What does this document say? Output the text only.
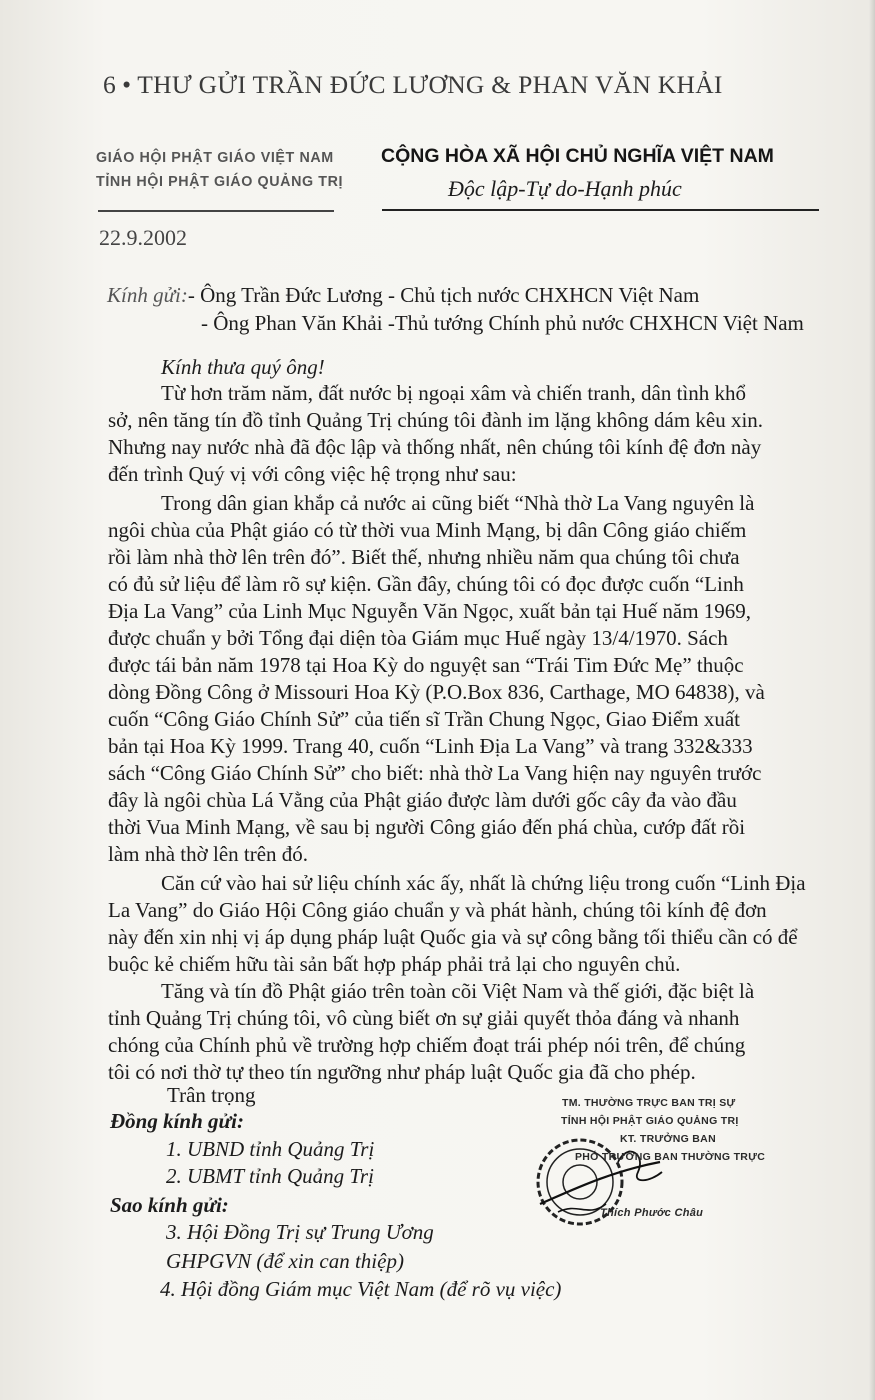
6 • THƯ GỬI TRẦN ĐỨC LƯƠNG & PHAN VĂN KHẢI
GIÁO HỘI PHẬT GIÁO VIỆT NAM
TỈNH HỘI PHẬT GIÁO QUẢNG TRỊ
CỘNG HÒA XÃ HỘI CHỦ NGHĨA VIỆT NAM
Độc lập-Tự do-Hạnh phúc
22.9.2002
Kính gửi:- Ông Trần Đức Lương - Chủ tịch nước CHXHCN Việt Nam
- Ông Phan Văn Khải -Thủ tướng Chính phủ nước CHXHCN Việt Nam
Kính thưa quý ông!
Từ hơn trăm năm, đất nước bị ngoại xâm và chiến tranh, dân tình khổ
sở, nên tăng tín đồ tỉnh Quảng Trị chúng tôi đành im lặng không dám kêu xin.
Nhưng nay nước nhà đã độc lập và thống nhất, nên chúng tôi kính đệ đơn này
đến trình Quý vị với công việc hệ trọng như sau:
Trong dân gian khắp cả nước ai cũng biết “Nhà thờ La Vang nguyên là
ngôi chùa của Phật giáo có từ thời vua Minh Mạng, bị dân Công giáo chiếm
rồi làm nhà thờ lên trên đó”. Biết thế, nhưng nhiều năm qua chúng tôi chưa
có đủ sử liệu để làm rõ sự kiện. Gần đây, chúng tôi có đọc được cuốn “Linh
Địa La Vang” của Linh Mục Nguyễn Văn Ngọc, xuất bản tại Huế năm 1969,
được chuẩn y bởi Tổng đại diện tòa Giám mục Huế ngày 13/4/1970. Sách
được tái bản năm 1978 tại Hoa Kỳ do nguyệt san “Trái Tim Đức Mẹ” thuộc
dòng Đồng Công ở Missouri Hoa Kỳ (P.O.Box 836, Carthage, MO 64838), và
cuốn “Công Giáo Chính Sử” của tiến sĩ Trần Chung Ngọc, Giao Điểm xuất
bản tại Hoa Kỳ 1999. Trang 40, cuốn “Linh Địa La Vang” và trang 332&333
sách “Công Giáo Chính Sử” cho biết: nhà thờ La Vang hiện nay nguyên trước
đây là ngôi chùa Lá Vằng của Phật giáo được làm dưới gốc cây đa vào đầu
thời Vua Minh Mạng, về sau bị người Công giáo đến phá chùa, cướp đất rồi
làm nhà thờ lên trên đó.
Căn cứ vào hai sử liệu chính xác ấy, nhất là chứng liệu trong cuốn “Linh Địa
La Vang” do Giáo Hội Công giáo chuẩn y và phát hành, chúng tôi kính đệ đơn
này đến xin nhị vị áp dụng pháp luật Quốc gia và sự công bằng tối thiểu cần có để
buộc kẻ chiếm hữu tài sản bất hợp pháp phải trả lại cho nguyên chủ.
Tăng và tín đồ Phật giáo trên toàn cõi Việt Nam và thế giới, đặc biệt là
tỉnh Quảng Trị chúng tôi, vô cùng biết ơn sự giải quyết thỏa đáng và nhanh
chóng của Chính phủ về trường hợp chiếm đoạt trái phép nói trên, để chúng
tôi có nơi thờ tự theo tín ngưỡng như pháp luật Quốc gia đã cho phép.
Trân trọng
Đồng kính gửi:
1. UBND tỉnh Quảng Trị
2. UBMT tỉnh Quảng Trị
Sao kính gửi:
3. Hội Đồng Trị sự Trung Ương
GHPGVN (để xin can thiệp)
4. Hội đồng Giám mục Việt Nam (để rõ vụ việc)
TM. THƯỜNG TRỰC BAN TRỊ SỰ
TỈNH HỘI PHẬT GIÁO QUẢNG TRỊ
KT. TRƯỞNG BAN
PHÓ TRƯỞNG BAN THƯỜNG TRỰC
Thích Phước Châu
